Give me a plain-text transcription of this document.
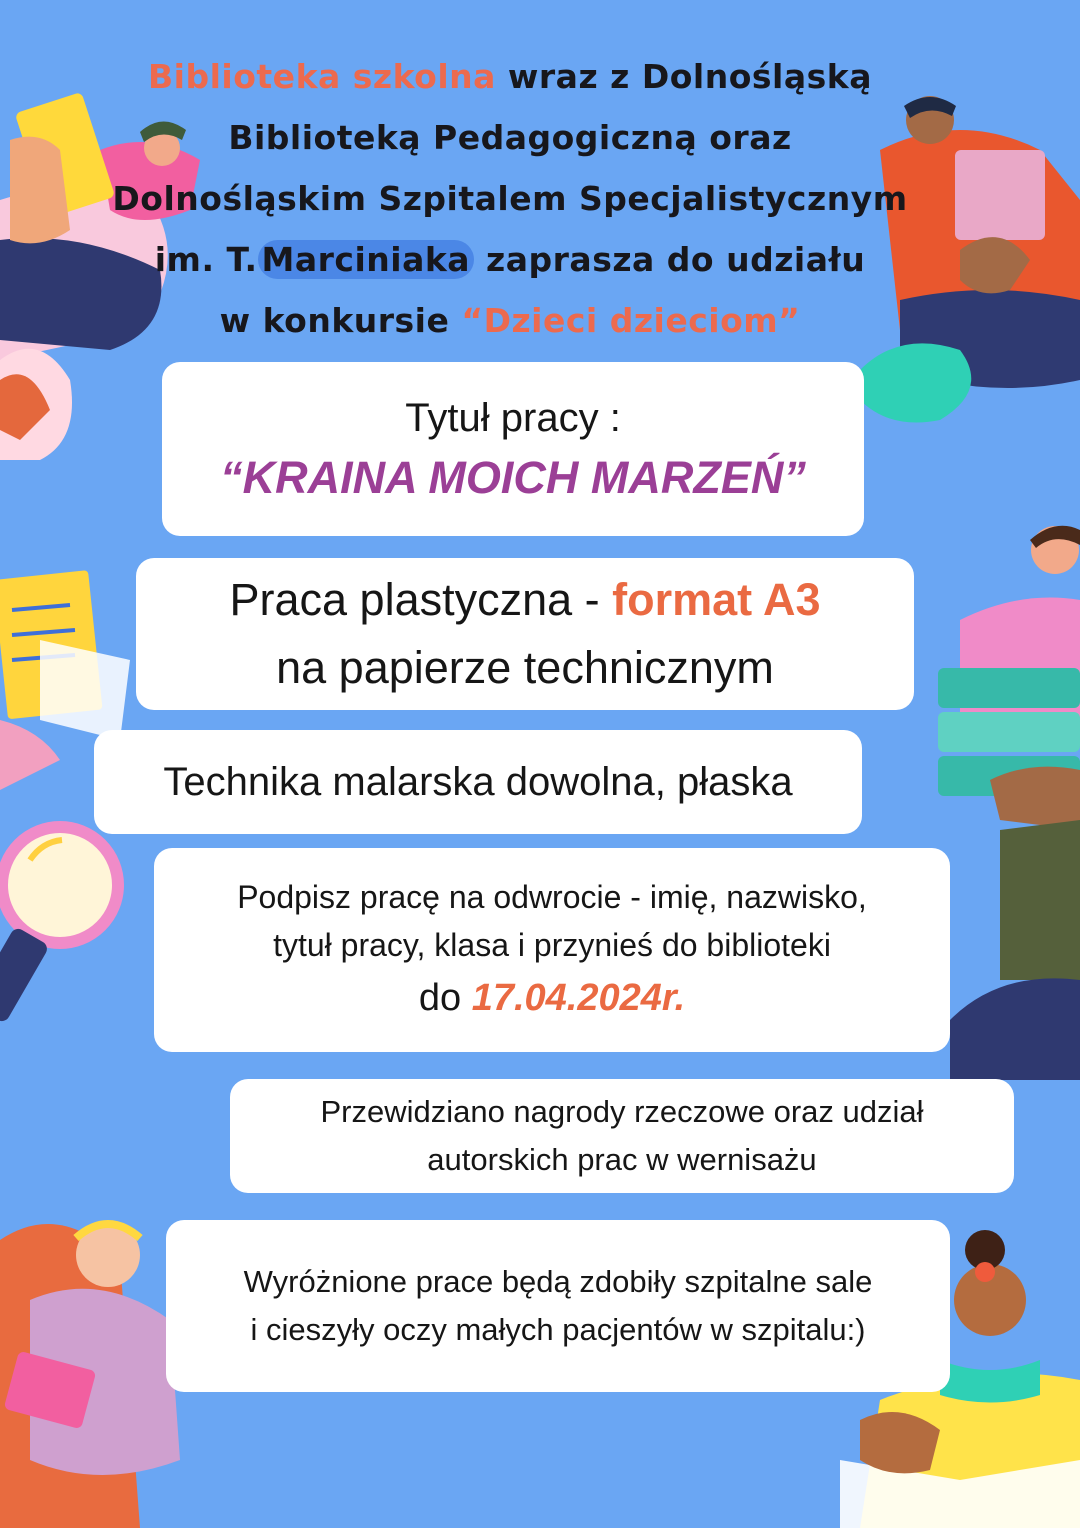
Biblioteka szkolna wraz z Dolnośląską
Biblioteką Pedagogiczną oraz
Dolnośląskim Szpitalem Specjalistycznym
im. T. Marciniaka zaprasza do udziału
w konkursie “Dzieci dzieciom”
Tytuł pracy :
“KRAINA MOICH MARZEŃ”
Praca plastyczna - format A3
na papierze technicznym
Technika malarska dowolna, płaska
Podpisz pracę na odwrocie - imię, nazwisko,
tytuł pracy, klasa i przynieś do biblioteki
do 17.04.2024r.
Przewidziano nagrody rzeczowe oraz udział
autorskich prac w wernisażu
Wyróżnione prace będą zdobiły szpitalne sale
i cieszyły oczy małych pacjentów w szpitalu:)
